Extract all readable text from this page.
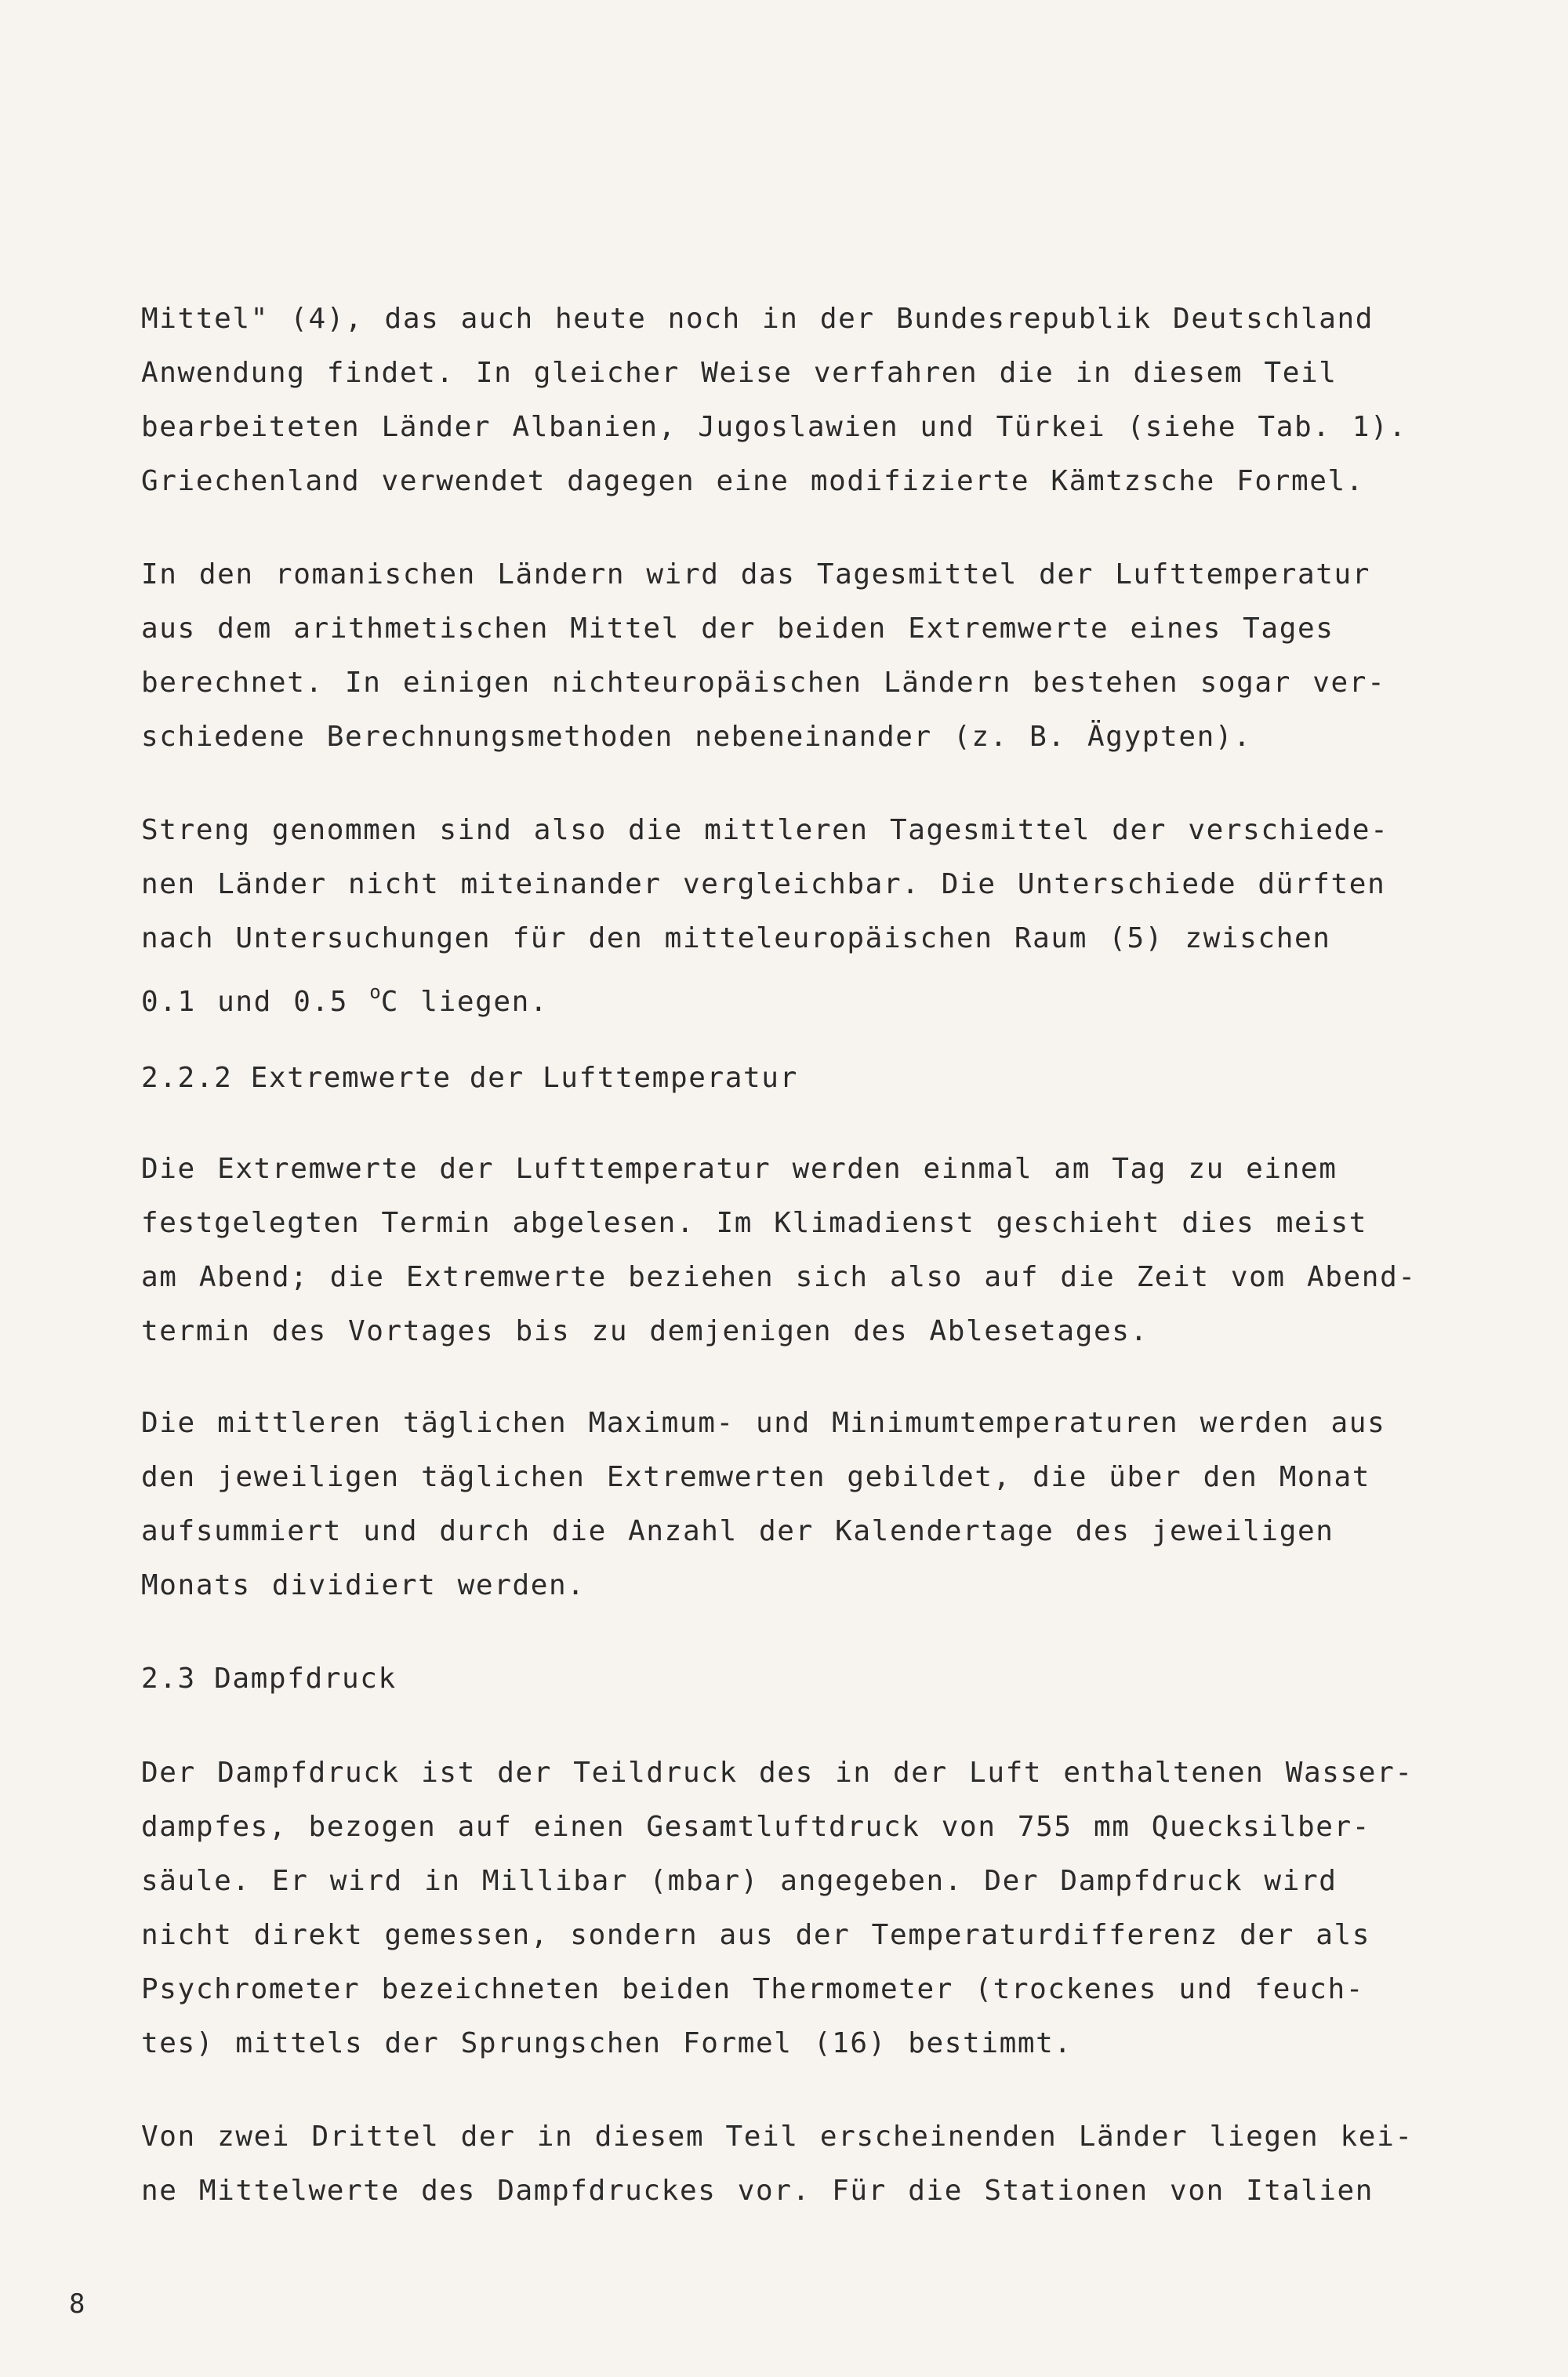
Mittel" (4), das auch heute noch in der Bundesrepublik Deutschland
Anwendung findet. In gleicher Weise verfahren die in diesem Teil
bearbeiteten Länder Albanien, Jugoslawien und Türkei (siehe Tab. 1).
Griechenland verwendet dagegen eine modifizierte Kämtzsche Formel.
In den romanischen Ländern wird das Tagesmittel der Lufttemperatur
aus dem arithmetischen Mittel der beiden Extremwerte eines Tages
berechnet. In einigen nichteuropäischen Ländern bestehen sogar ver-
schiedene Berechnungsmethoden nebeneinander (z. B. Ägypten).
Streng genommen sind also die mittleren Tagesmittel der verschiede-
nen Länder nicht miteinander vergleichbar. Die Unterschiede dürften
nach Untersuchungen für den mitteleuropäischen Raum (5) zwischen
0.1 und 0.5 $^o$C liegen.
2.2.2 Extremwerte der Lufttemperatur
Die Extremwerte der Lufttemperatur werden einmal am Tag zu einem
festgelegten Termin abgelesen. Im Klimadienst geschieht dies meist
am Abend; die Extremwerte beziehen sich also auf die Zeit vom Abend-
termin des Vortages bis zu demjenigen des Ablesetages.
Die mittleren täglichen Maximum- und Minimumtemperaturen werden aus
den jeweiligen täglichen Extremwerten gebildet, die über den Monat
aufsummiert und durch die Anzahl der Kalendertage des jeweiligen
Monats dividiert werden.
2.3 Dampfdruck
Der Dampfdruck ist der Teildruck des in der Luft enthaltenen Wasser-
dampfes, bezogen auf einen Gesamtluftdruck von 755 mm Quecksilber-
säule. Er wird in Millibar (mbar) angegeben. Der Dampfdruck wird
nicht direkt gemessen, sondern aus der Temperaturdifferenz der als
Psychrometer bezeichneten beiden Thermometer (trockenes und feuch-
tes) mittels der Sprungschen Formel (16) bestimmt.
Von zwei Drittel der in diesem Teil erscheinenden Länder liegen kei-
ne Mittelwerte des Dampfdruckes vor. Für die Stationen von Italien
8
